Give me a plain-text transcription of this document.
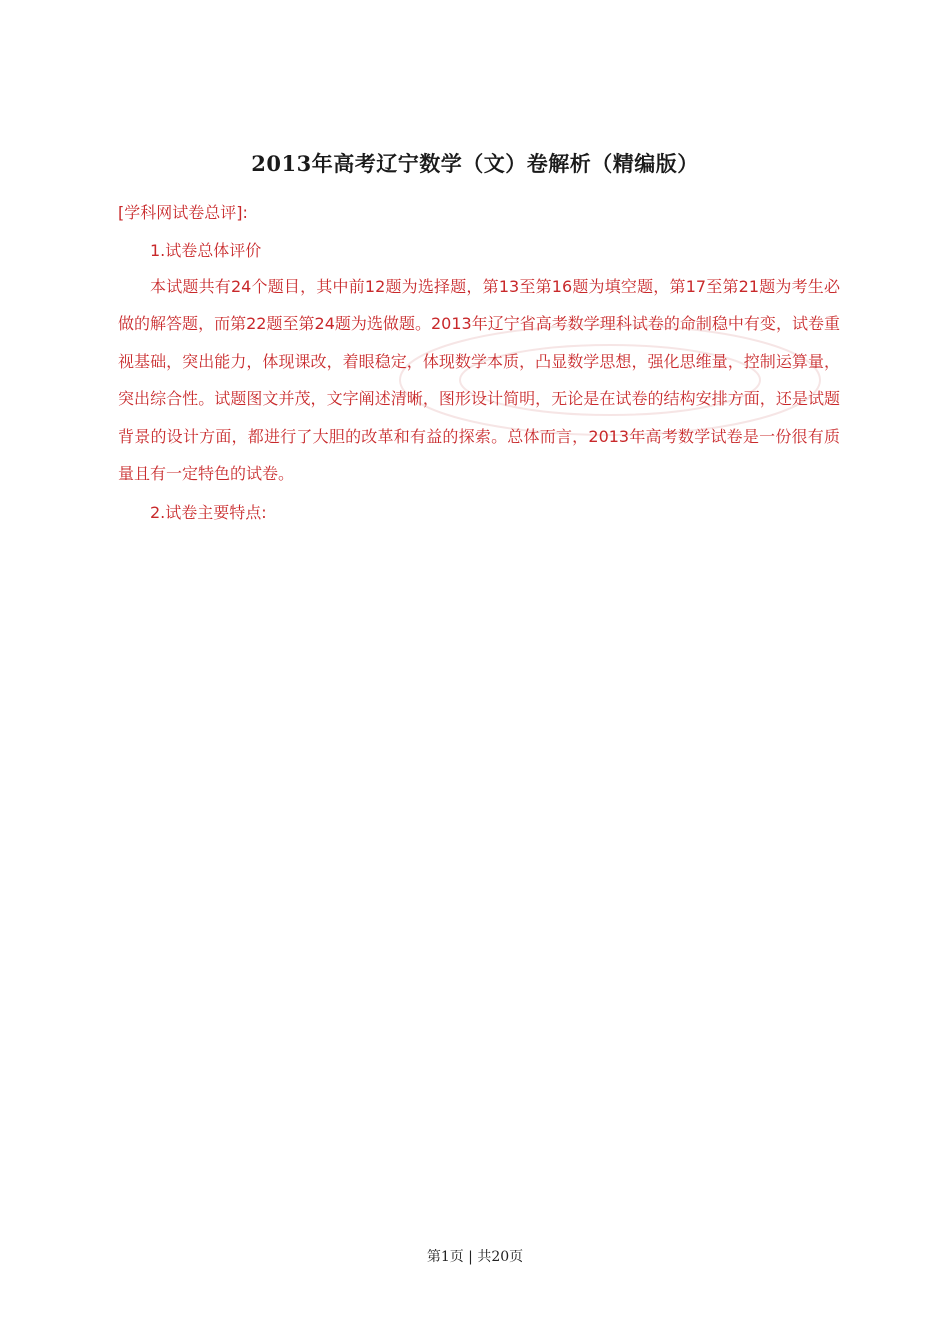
2013年高考辽宁数学（文）卷解析（精编版）
[学科网试卷总评]:
1.试卷总体评价
本试题共有24个题目，其中前12题为选择题，第13至第16题为填空题，第17至第21题为考生必做的解答题，而第22题至第24题为选做题。2013年辽宁省高考数学理科试卷的命制稳中有变，试卷重视基础，突出能力，体现课改，着眼稳定，体现数学本质，凸显数学思想，强化思维量，控制运算量，突出综合性。试题图文并茂，文字阐述清晰，图形设计简明，无论是在试卷的结构安排方面，还是试题背景的设计方面，都进行了大胆的改革和有益的探索。总体而言，2013年高考数学试卷是一份很有质量且有一定特色的试卷。
2.试卷主要特点:
第1页 | 共20页
